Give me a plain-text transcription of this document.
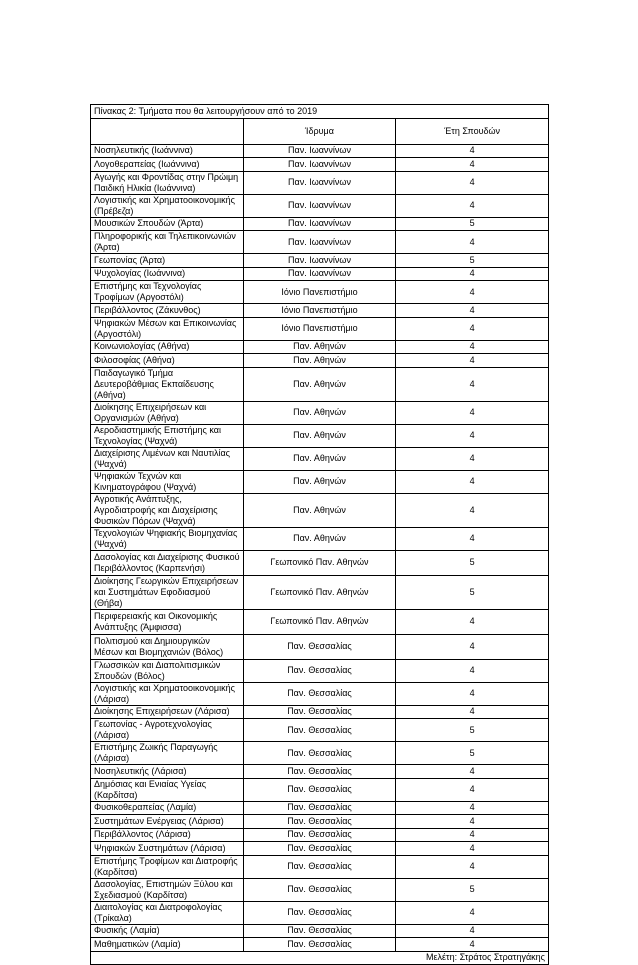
Πίνακας 2: Τμήματα που θα λειτουργήσουν από το 2019		
	Ίδρυμα	Έτη Σπουδών
Νοσηλευτικής (Ιωάννινα)	Παν. Ιωαννίνων	4
Λογοθεραπείας (Ιωάννινα)	Παν. Ιωαννίνων	4
Αγωγής και Φροντίδας στην Πρώιμη Παιδική Ηλικία (Ιωάννινα)	Παν. Ιωαννίνων	4
Λογιστικής και Χρηματοοικονομικής (Πρέβεζα)	Παν. Ιωαννίνων	4
Μουσικών Σπουδών (Άρτα)	Παν. Ιωαννίνων	5
Πληροφορικής και Τηλεπικοινωνιών (Άρτα)	Παν. Ιωαννίνων	4
Γεωπονίας (Άρτα)	Παν. Ιωαννίνων	5
Ψυχολογίας (Ιωάννινα)	Παν. Ιωαννίνων	4
Επιστήμης και Τεχνολογίας Τροφίμων (Αργοστόλι)	Ιόνιο Πανεπιστήμιο	4
Περιβάλλοντος (Ζάκυνθος)	Ιόνιο Πανεπιστήμιο	4
Ψηφιακών Μέσων και Επικοινωνίας (Αργοστόλι)	Ιόνιο Πανεπιστήμιο	4
Κοινωνιολογίας (Αθήνα)	Παν. Αθηνών	4
Φιλοσοφίας (Αθήνα)	Παν. Αθηνών	4
Παιδαγωγικό Τμήμα Δευτεροβάθμιας Εκπαίδευσης (Αθήνα)	Παν. Αθηνών	4
Διοίκησης Επιχειρήσεων και Οργανισμών (Αθήνα)	Παν. Αθηνών	4
Αεροδιαστημικής Επιστήμης και Τεχνολογίας (Ψαχνά)	Παν. Αθηνών	4
Διαχείρισης Λιμένων και Ναυτιλίας (Ψαχνά)	Παν. Αθηνών	4
Ψηφιακών Τεχνών και Κινηματογράφου (Ψαχνά)	Παν. Αθηνών	4
Αγροτικής Ανάπτυξης, Αγροδιατροφής και Διαχείρισης Φυσικών Πόρων (Ψαχνά)	Παν. Αθηνών	4
Τεχνολογιών Ψηφιακής Βιομηχανίας (Ψαχνά)	Παν. Αθηνών	4
Δασολογίας και Διαχείρισης Φυσικού Περιβάλλοντος (Καρπενήσι)	Γεωπονικό Παν. Αθηνών	5
Διοίκησης Γεωργικών Επιχειρήσεων και Συστημάτων Εφοδιασμού (Θήβα)	Γεωπονικό Παν. Αθηνών	5
Περιφερειακής και Οικονομικής Ανάπτυξης (Άμφισσα)	Γεωπονικό Παν. Αθηνών	4
Πολιτισμού και Δημιουργικών Μέσων και Βιομηχανιών (Βόλος)	Παν. Θεσσαλίας	4
Γλωσσικών και Διαπολιτισμικών Σπουδών (Βόλος)	Παν. Θεσσαλίας	4
Λογιστικής και Χρηματοοικονομικής (Λάρισα)	Παν. Θεσσαλίας	4
Διοίκησης Επιχειρήσεων (Λάρισα)	Παν. Θεσσαλίας	4
Γεωπονίας - Αγροτεχνολογίας (Λάρισα)	Παν. Θεσσαλίας	5
Επιστήμης Ζωικής Παραγωγής (Λάρισα)	Παν. Θεσσαλίας	5
Νοσηλευτικής (Λάρισα)	Παν. Θεσσαλίας	4
Δημόσιας και Ενιαίας Υγείας (Καρδίτσα)	Παν. Θεσσαλίας	4
Φυσικοθεραπείας (Λαμία)	Παν. Θεσσαλίας	4
Συστημάτων Ενέργειας (Λάρισα)	Παν. Θεσσαλίας	4
Περιβάλλοντος (Λάρισα)	Παν. Θεσσαλίας	4
Ψηφιακών Συστημάτων (Λάρισα)	Παν. Θεσσαλίας	4
Επιστήμης Τροφίμων και Διατροφής (Καρδίτσα)	Παν. Θεσσαλίας	4
Δασολογίας, Επιστημών Ξύλου και Σχεδιασμού (Καρδίτσα)	Παν. Θεσσαλίας	5
Διαιτολογίας και Διατροφολογίας (Τρίκαλα)	Παν. Θεσσαλίας	4
Φυσικής (Λαμία)	Παν. Θεσσαλίας	4
Μαθηματικών (Λαμία)	Παν. Θεσσαλίας	4
Μελέτη: Στράτος Στρατηγάκης		
